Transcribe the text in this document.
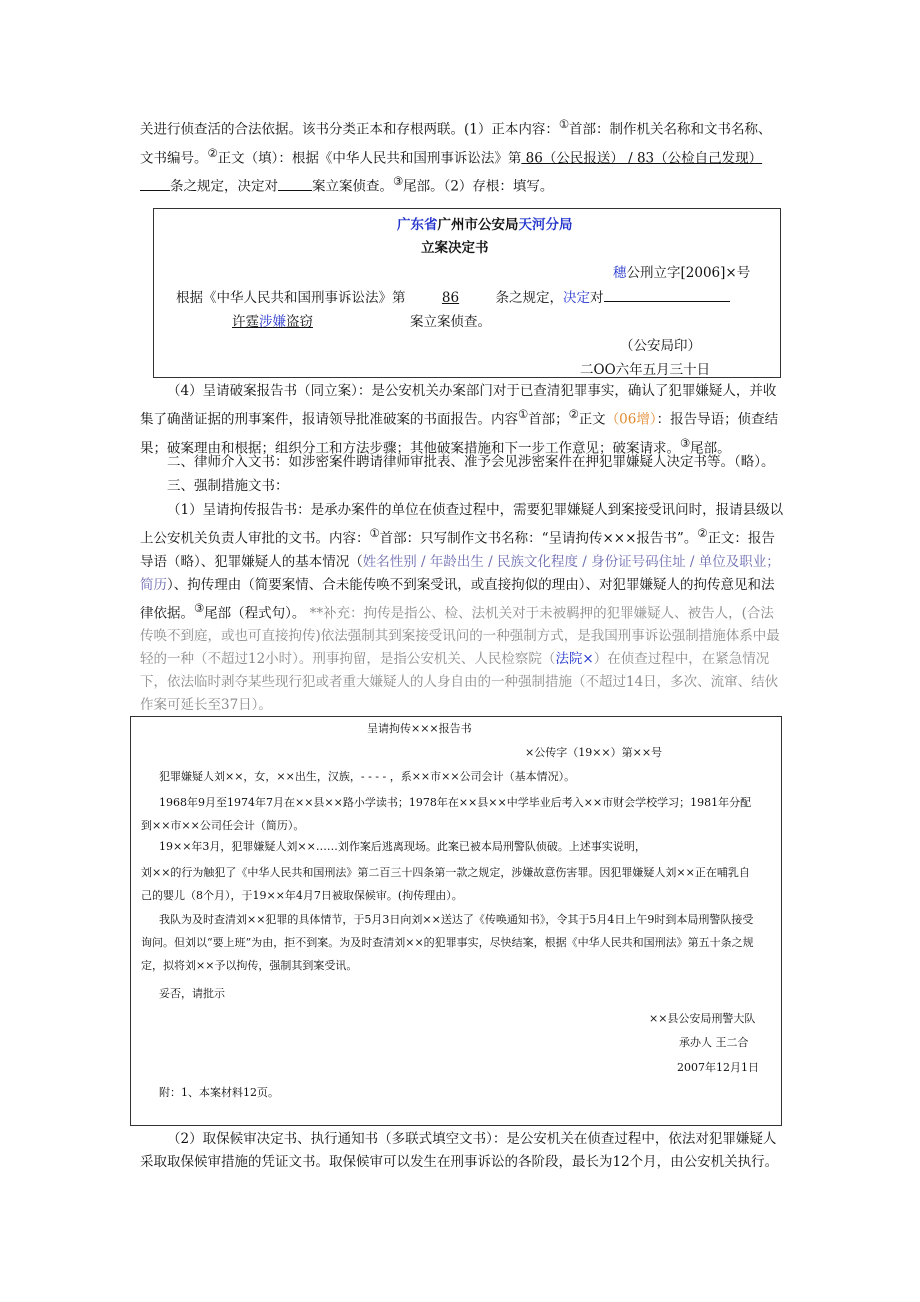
关进行侦查活的合法依据。该书分类正本和存根两联。(1）正本内容：①首部：制作机关名称和文书名称、文书编号。②正文（填）：根据《中华人民共和国刑事诉讼法》第 86（公民报送） / 83（公检自己发现）条之规定，决定对	案立案侦查。③尾部。（2）存根：填写。
广东省广州市公安局天河分局
立案决定书
穗公刑立字[2006]×号
根据《中华人民共和国刑事诉讼法》第	86	条之规定，决定对
许霆涉嫌盗窃	案立案侦查。
（公安局印）
二OO六年五月三十日
（4）呈请破案报告书（同立案）：是公安机关办案部门对于已查清犯罪事实，确认了犯罪嫌疑人，并收集了确凿证据的刑事案件，报请领导批准破案的书面报告。内容①首部；②正文（06增）：报告导语；侦查结果；破案理由和根据；组织分工和方法步骤；其他破案措施和下一步工作意见；破案请求。③尾部。
二、律师介入文书：如涉密案件聘请律师审批表、准予会见涉密案件在押犯罪嫌疑人决定书等。（略）。
三、强制措施文书：
（1）呈请拘传报告书：是承办案件的单位在侦查过程中，需要犯罪嫌疑人到案接受讯问时，报请县级以上公安机关负责人审批的文书。内容：①首部：只写制作文书名称：“呈请拘传×××报告书”。②正文：报告导语（略）、犯罪嫌疑人的基本情况（姓名性别 / 年龄出生 / 民族文化程度 / 身份证号码住址 / 单位及职业；简历）、拘传理由（简要案情、合未能传唤不到案受讯，或直接拘似的理由）、对犯罪嫌疑人的拘传意见和法律依据。③尾部（程式句）。 **补充：拘传是指公、检、法机关对于未被羁押的犯罪嫌疑人、被告人，(合法传唤不到庭，或也可直接拘传)依法强制其到案接受讯问的一种强制方式，是我国刑事诉讼强制措施体系中最轻的一种（不超过12小时）。刑事拘留，是指公安机关、人民检察院（法院×）在侦查过程中，在紧急情况下，依法临时剥夺某些现行犯或者重大嫌疑人的人身自由的一种强制措施（不超过14日，多次、流窜、结伙作案可延长至37日）。
呈请拘传×××报告书
×公传字（19××）第××号
犯罪嫌疑人刘××，女，××出生，汉族，- - - - ，系××市××公司会计（基本情况）。
1968年9月至1974年7月在××县××路小学读书；1978年在××县××中学毕业后考入××市财会学校学习；1981年分配到××市××公司任会计（简历）。
19××年3月，犯罪嫌疑人刘××……刘作案后逃离现场。此案已被本局刑警队侦破。上述事实说明，
刘××的行为触犯了《中华人民共和国刑法》第二百三十四条第一款之规定，涉嫌故意伤害罪。因犯罪嫌疑人刘××正在哺乳自己的婴儿（8个月），于19××年4月7日被取保候审。(拘传理由）。
我队为及时查清刘××犯罪的具体情节，于5月3日向刘××送达了《传唤通知书》，令其于5月4日上午9时到本局刑警队接受询问。但刘以“要上班”为由，拒不到案。为及时查清刘××的犯罪事实，尽快结案，根据《中华人民共和国刑法》第五十条之规定，拟将刘××予以拘传，强制其到案受讯。
妥否，请批示
××县公安局刑警大队
承办人 王二合
2007年12月1日
附：1、本案材料12页。
（2）取保候审决定书、执行通知书（多联式填空文书）：是公安机关在侦查过程中，依法对犯罪嫌疑人采取取保候审措施的凭证文书。取保候审可以发生在刑事诉讼的各阶段，最长为12个月，由公安机关执行。
